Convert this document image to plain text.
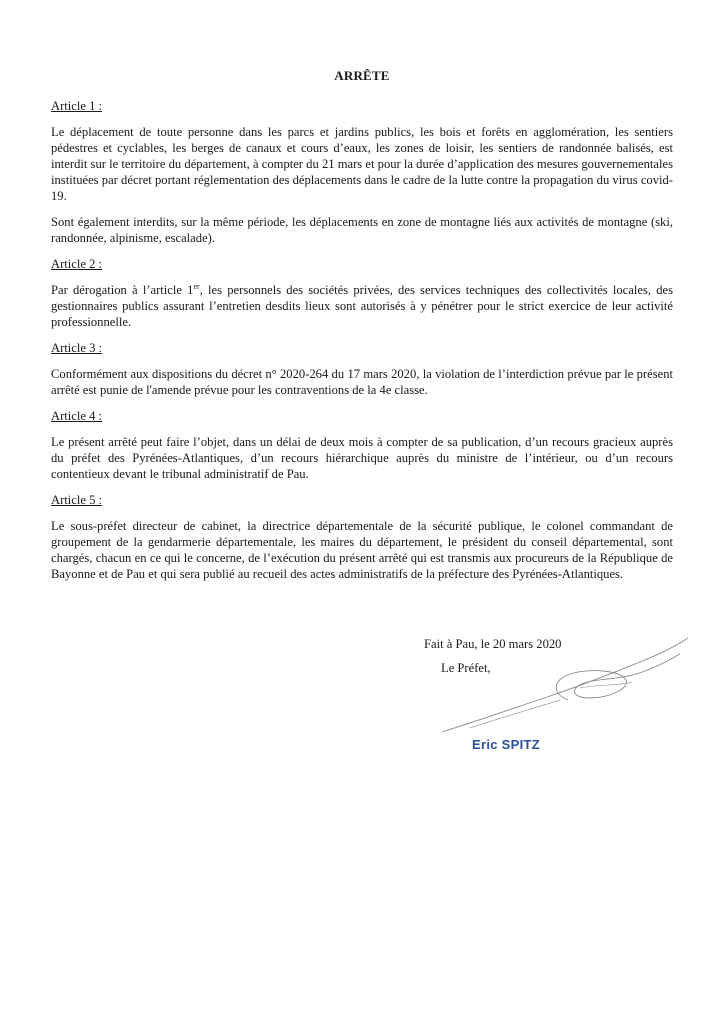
ARRÊTE

Article 1 :

Le déplacement de toute personne dans les parcs et jardins publics, les bois et forêts en agglomération, les sentiers pédestres et cyclables, les berges de canaux et cours d’eaux, les zones de loisir, les sentiers de randonnée balisés, est interdit sur le territoire du département, à compter du 21 mars et pour la durée d’application des mesures gouvernementales instituées par décret portant réglementation des déplacements dans le cadre de la lutte contre la propagation du virus covid-19.

Sont également interdits, sur la même période, les déplacements en zone de montagne liés aux activités de montagne (ski, randonnée, alpinisme, escalade).

Article 2 :

Par dérogation à l’article 1er, les personnels des sociétés privées, des services techniques des collectivités locales, des gestionnaires publics assurant l’entretien desdits lieux sont autorisés à y pénétrer pour le strict exercice de leur activité professionnelle.

Article 3 :

Conformément aux dispositions du décret n° 2020-264 du 17 mars 2020, la violation de l’interdiction prévue par le présent arrêté est punie de l'amende prévue pour les contraventions de la 4e classe.

Article 4 :

Le présent arrêté peut faire l’objet, dans un délai de deux mois à compter de sa publication, d’un recours gracieux auprès du préfet des Pyrénées-Atlantiques, d’un recours hiérarchique auprès du ministre de l’intérieur, ou d’un recours contentieux devant le tribunal administratif de Pau.

Article 5 :

Le sous-préfet directeur de cabinet, la directrice départementale de la sécurité publique, le colonel commandant de groupement de la gendarmerie départementale, les maires du département, le président du conseil départemental, sont chargés, chacun en ce qui le concerne, de l’exécution du présent arrêté qui est transmis aux procureurs de la République de Bayonne et de Pau et qui sera publié au recueil des actes administratifs de la préfecture des Pyrénées-Atlantiques.

Fait à Pau, le 20 mars 2020
Le Préfet,
Eric SPITZ
